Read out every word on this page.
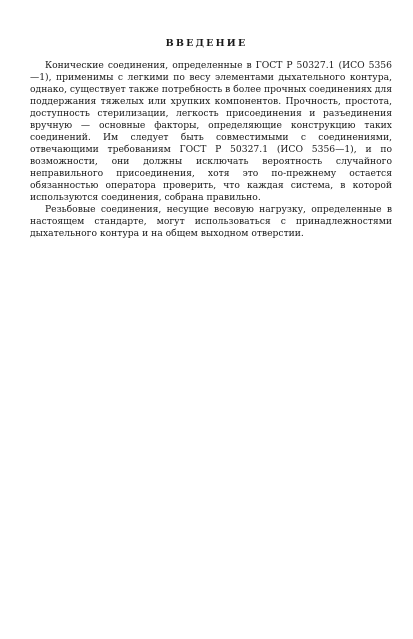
ВВЕДЕНИЕ

Конические соединения, определенные в ГОСТ Р 50327.1 (ИСО 5356—1), применимы с легкими по весу элементами дыхательного контура, однако, существует также потребность в более прочных соединениях для поддержания тяжелых или хрупких компонентов. Прочность, простота, доступность стерилизации, легкость присоединения и разъединения вручную — основные факторы, определяющие конструкцию таких соединений. Им следует быть совместимыми с соединениями, отвечающими требованиям ГОСТ Р 50327.1 (ИСО 5356—1), и по возможности, они должны исключать вероятность случайного неправильного присоединения, хотя это по-прежнему остается обязанностью оператора проверить, что каждая система, в которой используются соединения, собрана правильно.

Резьбовые соединения, несущие весовую нагрузку, определенные в настоящем стандарте, могут использоваться с принадлежностями дыхательного контура и на общем выходном отверстии.
